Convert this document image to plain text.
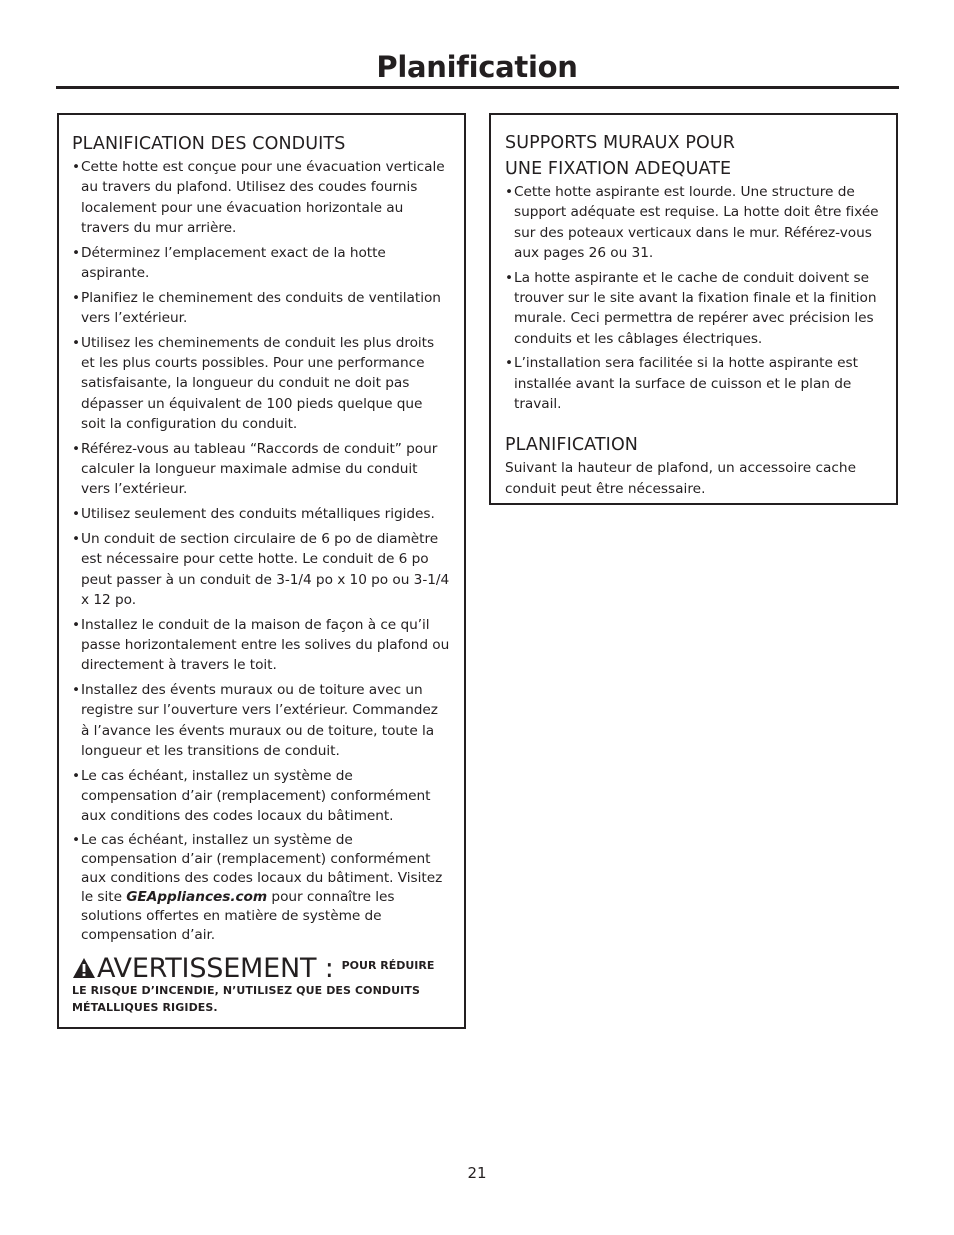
Planification
PLANIFICATION DES CONDUITS
• Cette hotte est conçue pour une évacuation verticale au travers du plafond. Utilisez des coudes fournis localement pour une évacuation horizontale au travers du mur arrière.
• Déterminez l’emplacement exact de la hotte aspirante.
• Planifiez le cheminement des conduits de ventilation vers l’extérieur.
• Utilisez les cheminements de conduit les plus droits et les plus courts possibles. Pour une performance satisfaisante, la longueur du conduit ne doit pas dépasser un équivalent de 100 pieds quelque que soit la configuration du conduit.
• Référez-vous au tableau “Raccords de conduit” pour calculer la longueur maximale admise du conduit vers l’extérieur.
• Utilisez seulement des conduits métalliques rigides.
• Un conduit de section circulaire de 6 po de diamètre est nécessaire pour cette hotte. Le conduit de 6 po peut passer à un conduit de 3-1/4 po x 10 po ou 3-1/4 x 12 po.
• Installez le conduit de la maison de façon à ce qu’il passe horizontalement entre les solives du plafond ou directement à travers le toit.
• Installez des évents muraux ou de toiture avec un registre sur l’ouverture vers l’extérieur. Commandez à l’avance les évents muraux ou de toiture, toute la longueur et les transitions de conduit.
• Le cas échéant, installez un système de compensation d’air (remplacement) conformément aux conditions des codes locaux du bâtiment.
• Le cas échéant, installez un système de compensation d’air (remplacement) conformément aux conditions des codes locaux du bâtiment. Visitez le site GEAppliances.com pour connaître les solutions offertes en matière de système de compensation d’air.
AVERTISSEMENT : POUR RÉDUIRE
LE RISQUE D’INCENDIE, N’UTILISEZ QUE DES CONDUITS MÉTALLIQUES RIGIDES.
SUPPORTS MURAUX POUR
UNE FIXATION ADEQUATE
• Cette hotte aspirante est lourde. Une structure de support adéquate est requise. La hotte doit être fixée sur des poteaux verticaux dans le mur. Référez-vous aux pages 26 ou 31.
• La hotte aspirante et le cache de conduit doivent se trouver sur le site avant la fixation finale et la finition murale. Ceci permettra de repérer avec précision les conduits et les câblages électriques.
• L’installation sera facilitée si la hotte aspirante est installée avant la surface de cuisson et le plan de travail.
PLANIFICATION
Suivant la hauteur de plafond, un accessoire cache conduit peut être nécessaire.
21
